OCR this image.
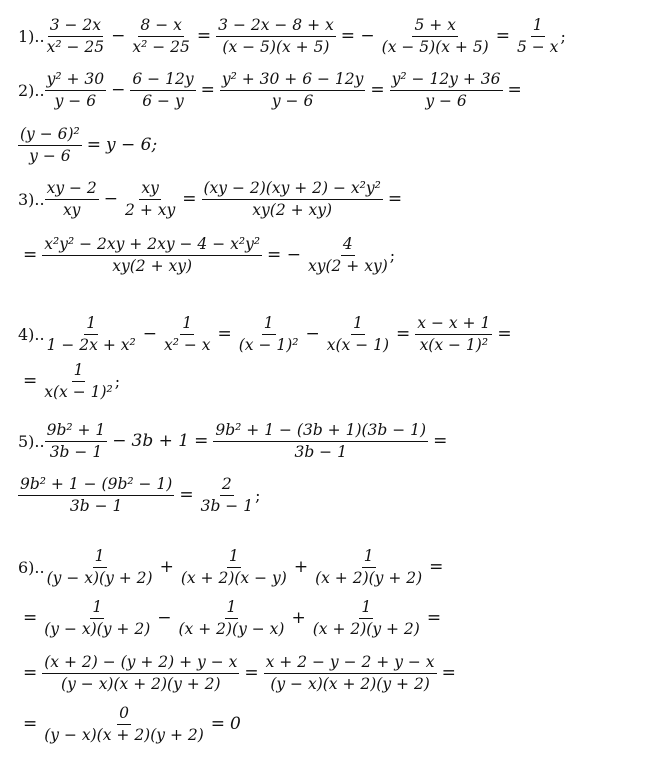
1).. $\frac{3 - 2x}{\text{x² − 25}} - \frac{8 - x}{\text{x² − 25}} = \frac{3 - 2x - 8 + x}{(x - 5)(x + 5)}$ = − $\frac{5 + x}{(x - 5)(x + 5)} = \frac{1}{5 - x}$ ;
2).. $\frac{\text{y² + 30}}{y - 6} - \frac{6 - 12y}{6 - y} = \frac{\text{y² + 30 + 6 − 12y}}{y - 6} = \frac{\text{y² − 12y + 36}}{y - 6}$ =
$\frac{\text{(y − 6)²}}{y - 6} = y - 6$;
3).. $\frac{xy - 2}{xy} - \frac{xy}{2 + xy} = \frac{\text{(xy − 2)(xy + 2) − x²y²}}{xy(2 + xy)}$ =
= $\frac{\text{x²y² − 2xy + 2xy − 4 − x²y²}}{xy(2 + xy)}$ = − $\frac{4}{xy(2 + xy)}$ ;
4).. $\frac{1}{\text{1 − 2x + x²}} - \frac{1}{\text{x² − x}} = \frac{1}{\text{(x − 1)²}} - \frac{1}{x(x - 1)} = \frac{x - x + 1}{\text{x(x − 1)²}}$ =
= $\frac{1}{\text{x(x − 1)²}}$ ;
5).. $\frac{\text{9b² + 1}}{3b - 1} - 3b + 1 = \frac{\text{9b² + 1 − (3b + 1)(3b − 1)}}{3b - 1}$ =
$\frac{\text{9b² + 1 − (9b² − 1)}}{3b - 1} = \frac{2}{3b - 1}$ ;
6).. $\frac{1}{(y - x)(y + 2)} + \frac{1}{(x + 2)(x - y)} + \frac{1}{(x + 2)(y + 2)}$ =
= $\frac{1}{(y - x)(y + 2)} - \frac{1}{(x + 2)(y - x)} + \frac{1}{(x + 2)(y + 2)}$ =
= $\frac{(x + 2) - (y + 2) + y - x}{(y - x)(x + 2)(y + 2)} = \frac{x + 2 - y - 2 + y - x}{(y - x)(x + 2)(y + 2)}$ =
= $\frac{0}{(y - x)(x + 2)(y + 2)} = 0$
